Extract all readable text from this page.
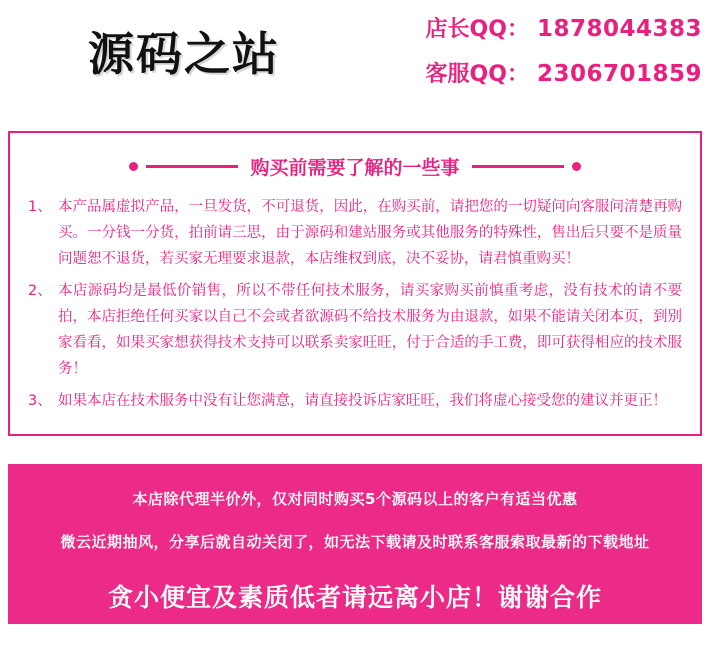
源码之站	店长QQ： 1878044383
客服QQ： 2306701859
购买前需要了解的一些事
1、 本产品属虚拟产品，一旦发货，不可退货，因此，在购买前，请把您的一切疑问向客服问清楚再购买。一分钱一分货，拍前请三思，由于源码和建站服务或其他服务的特殊性，售出后只要不是质量问题恕不退货，若买家无理要求退款，本店维权到底，决不妥协，请君慎重购买！
2、 本店源码均是最低价销售，所以不带任何技术服务，请买家购买前慎重考虑，没有技术的请不要拍，本店拒绝任何买家以自己不会或者欲源码不给技术服务为由退款，如果不能请关闭本页，到别家看看，如果买家想获得技术支持可以联系卖家旺旺，付于合适的手工费，即可获得相应的技术服务！
3、 如果本店在技术服务中没有让您满意，请直接投诉店家旺旺，我们将虚心接受您的建议并更正！
本店除代理半价外，仅对同时购买5个源码以上的客户有适当优惠
微云近期抽风，分享后就自动关闭了，如无法下载请及时联系客服索取最新的下载地址
贪小便宜及素质低者请远离小店！谢谢合作
